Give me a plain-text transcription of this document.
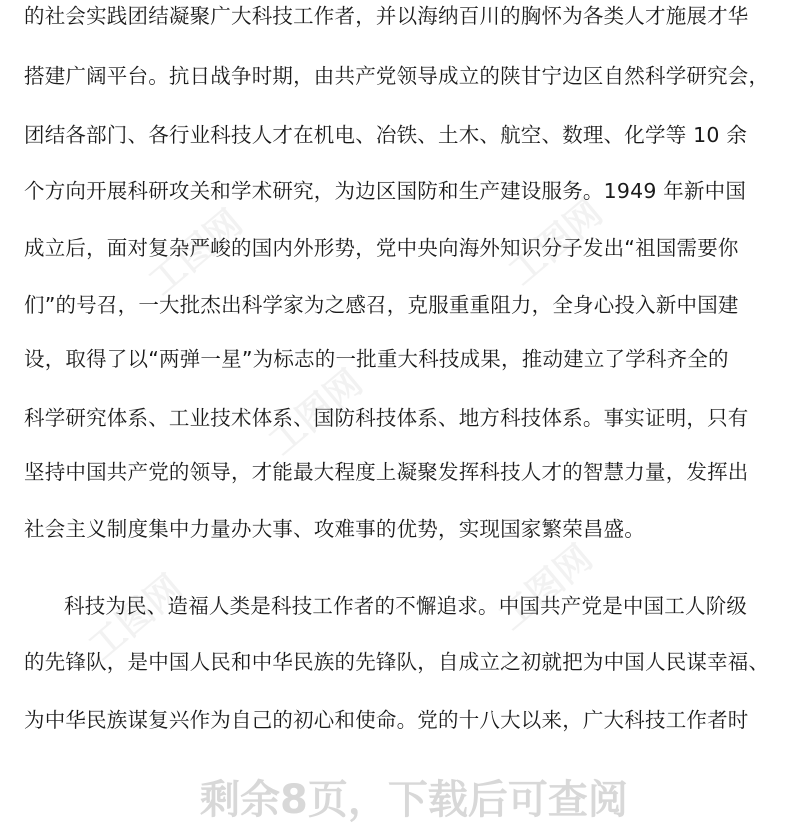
工图网	工图网
工图网
工图网	工图网
的社会实践团结凝聚广大科技工作者，并以海纳百川的胸怀为各类人才施展才华
搭建广阔平台。抗日战争时期，由共产党领导成立的陕甘宁边区自然科学研究会，
团结各部门、各行业科技人才在机电、冶铁、土木、航空、数理、化学等 10 余
个方向开展科研攻关和学术研究，为边区国防和生产建设服务。1949 年新中国
成立后，面对复杂严峻的国内外形势，党中央向海外知识分子发出“祖国需要你
们”的号召，一大批杰出科学家为之感召，克服重重阻力，全身心投入新中国建
设，取得了以“两弹一星”为标志的一批重大科技成果，推动建立了学科齐全的
科学研究体系、工业技术体系、国防科技体系、地方科技体系。事实证明，只有
坚持中国共产党的领导，才能最大程度上凝聚发挥科技人才的智慧力量，发挥出
社会主义制度集中力量办大事、攻难事的优势，实现国家繁荣昌盛。
科技为民、造福人类是科技工作者的不懈追求。中国共产党是中国工人阶级
的先锋队，是中国人民和中华民族的先锋队，自成立之初就把为中国人民谋幸福、
为中华民族谋复兴作为自己的初心和使命。党的十八大以来，广大科技工作者时
剩余8页，下载后可查阅
